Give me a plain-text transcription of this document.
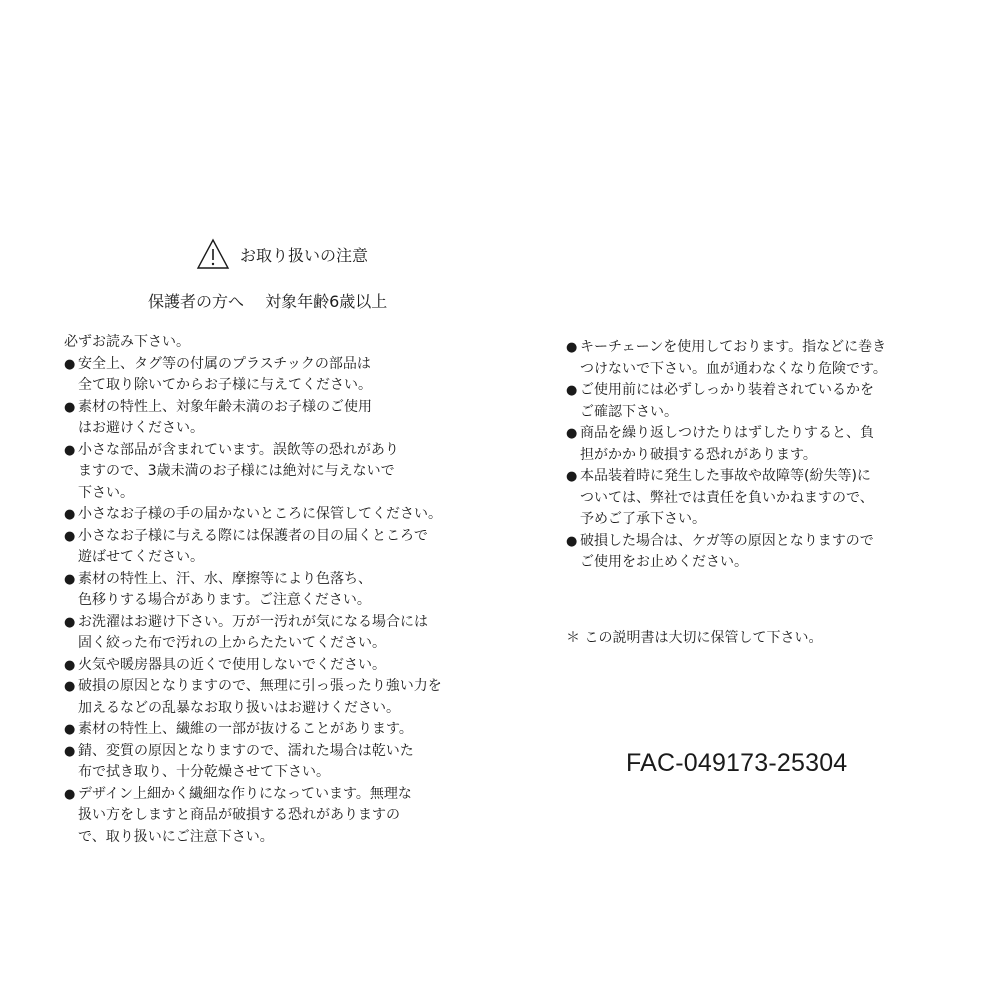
お取り扱いの注意
保護者の方へ　 対象年齢6歳以上
必ずお読み下さい。
● 安全上、タグ等の付属のプラスチックの部品は
全て取り除いてからお子様に与えてください。
● 素材の特性上、対象年齢未満のお子様のご使用
はお避けください。
● 小さな部品が含まれています。誤飲等の恐れがあり
ますので、3歳未満のお子様には絶対に与えないで
下さい。
● 小さなお子様の手の届かないところに保管してください。
● 小さなお子様に与える際には保護者の目の届くところで
遊ばせてください。
● 素材の特性上、汗、水、摩擦等により色落ち、
色移りする場合があります。ご注意ください。
● お洗濯はお避け下さい。万が一汚れが気になる場合には
固く絞った布で汚れの上からたたいてください。
● 火気や暖房器具の近くで使用しないでください。
● 破損の原因となりますので、無理に引っ張ったり強い力を
加えるなどの乱暴なお取り扱いはお避けください。
● 素材の特性上、繊維の一部が抜けることがあります。
● 錆、変質の原因となりますので、濡れた場合は乾いた
布で拭き取り、十分乾燥させて下さい。
● デザイン上細かく繊細な作りになっています。無理な
扱い方をしますと商品が破損する恐れがありますの
で、取り扱いにご注意下さい。
● キーチェーンを使用しております。指などに巻き
つけないで下さい。血が通わなくなり危険です。
● ご使用前には必ずしっかり装着されているかを
ご確認下さい。
● 商品を繰り返しつけたりはずしたりすると、負
担がかかり破損する恐れがあります。
● 本品装着時に発生した事故や故障等(紛失等)に
ついては、弊社では責任を負いかねますので、
予めご了承下さい。
● 破損した場合は、ケガ等の原因となりますので
ご使用をお止めください。
＊ この説明書は大切に保管して下さい。
FAC-049173-25304
